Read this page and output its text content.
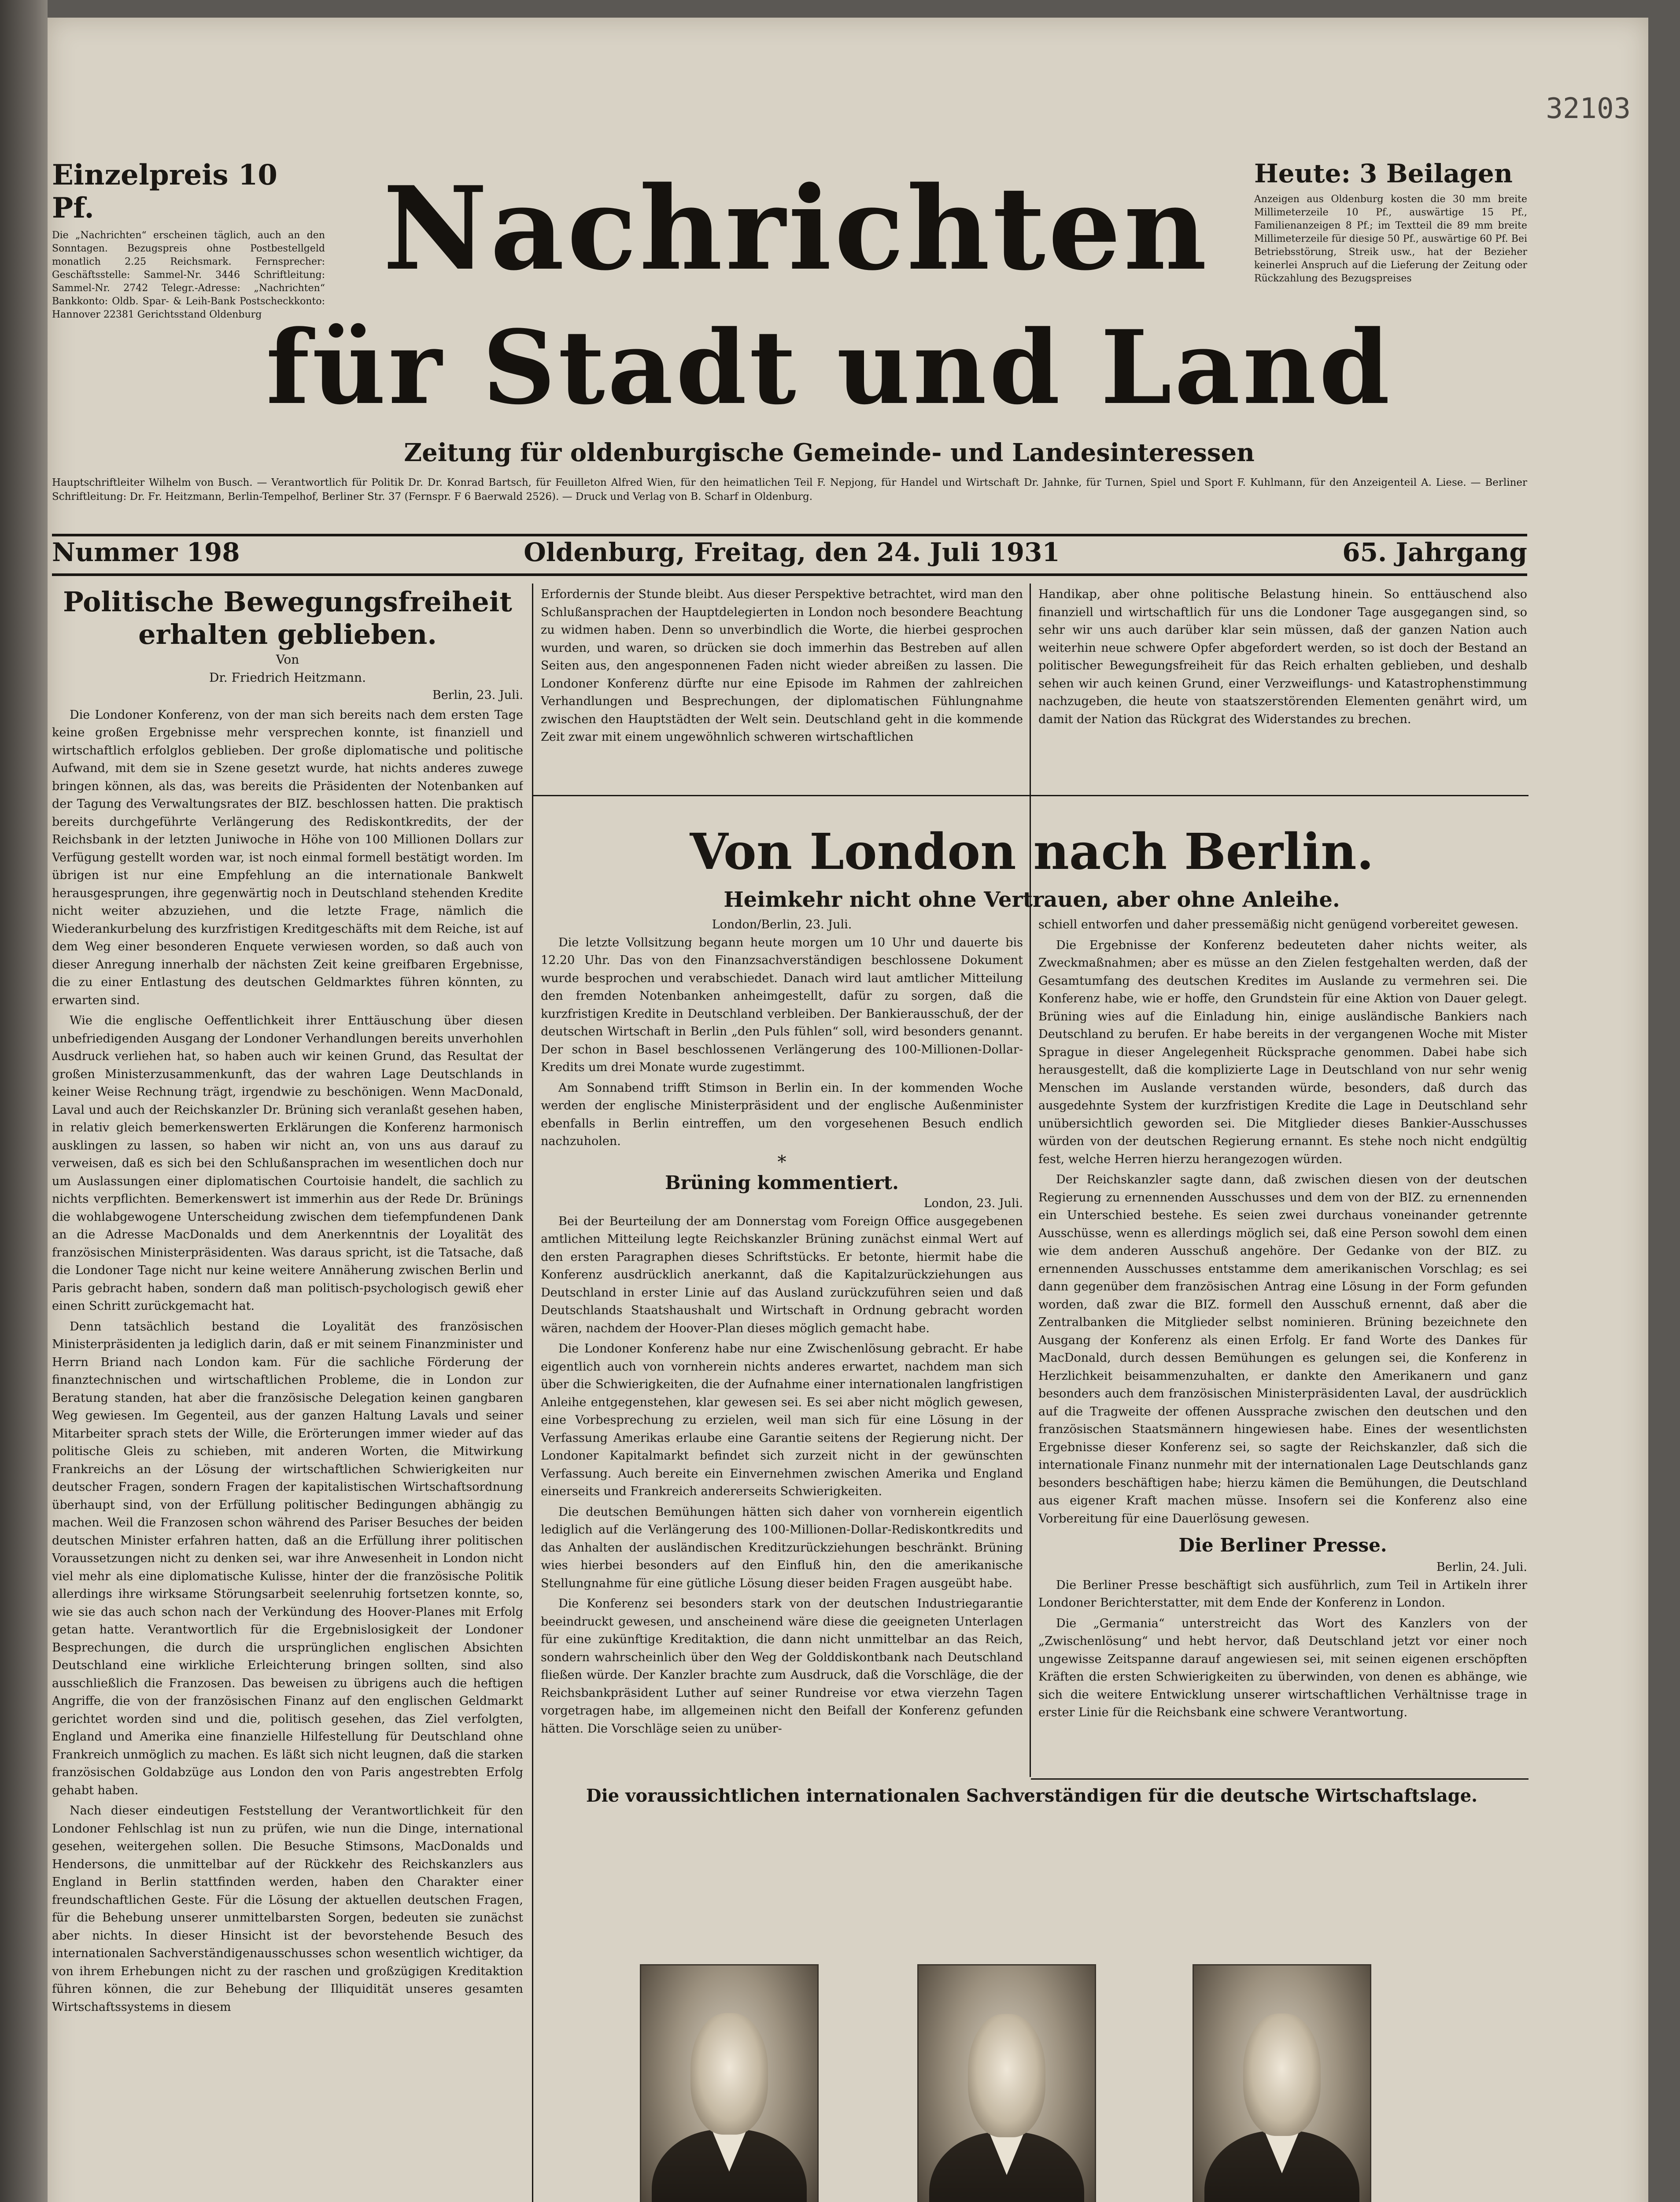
32103
Einzelpreis 10 Pf.
Die „Nachrichten“ erscheinen täglich, auch an den Sonntagen. Bezugspreis ohne Postbestellgeld monatlich 2.25 Reichsmark. Fernsprecher: Geschäftsstelle: Sammel-Nr. 3446 Schriftleitung: Sammel-Nr. 2742 Telegr.-Adresse: „Nachrichten“ Bankkonto: Oldb. Spar- & Leih-Bank Postscheckkonto: Hannover 22381 Gerichtsstand Oldenburg
Heute: 3 Beilagen
Anzeigen aus Oldenburg kosten die 30 mm breite Millimeterzeile 10 Pf., auswärtige 15 Pf., Familienanzeigen 8 Pf.; im Textteil die 89 mm breite Millimeterzeile für diesige 50 Pf., auswärtige 60 Pf. Bei Betriebsstörung, Streik usw., hat der Bezieher keinerlei Anspruch auf die Lieferung der Zeitung oder Rückzahlung des Bezugspreises
Nachrichten
für Stadt und Land
Zeitung für oldenburgische Gemeinde- und Landesinteressen
Hauptschriftleiter Wilhelm von Busch. — Verantwortlich für Politik Dr. Dr. Konrad Bartsch, für Feuilleton Alfred Wien, für den heimatlichen Teil F. Nepjong, für Handel und Wirtschaft Dr. Jahnke, für Turnen, Spiel und Sport F. Kuhlmann, für den Anzeigenteil A. Liese. — Berliner Schriftleitung: Dr. Fr. Heitzmann, Berlin-Tempelhof, Berliner Str. 37 (Fernspr. F 6 Baerwald 2526). — Druck und Verlag von B. Scharf in Oldenburg.
Nummer 198	Oldenburg, Freitag, den 24. Juli 1931	65. Jahrgang
Politische Bewegungsfreiheit erhalten geblieben.
Von
Dr. Friedrich Heitzmann.
Berlin, 23. Juli.

Die Londoner Konferenz, von der man sich bereits nach dem ersten Tage keine großen Ergebnisse mehr versprechen konnte, ist finanziell und wirtschaftlich erfolglos geblieben. Der große diplomatische und politische Aufwand, mit dem sie in Szene gesetzt wurde, hat nichts anderes zuwege bringen können, als das, was bereits die Präsidenten der Notenbanken auf der Tagung des Verwaltungsrates der BIZ. beschlossen hatten. Die praktisch bereits durchgeführte Verlängerung des Rediskontkredits, der der Reichsbank in der letzten Juniwoche in Höhe von 100 Millionen Dollars zur Verfügung gestellt worden war, ist noch einmal formell bestätigt worden. Im übrigen ist nur eine Empfehlung an die internationale Bankwelt herausgesprungen, ihre gegenwärtig noch in Deutschland stehenden Kredite nicht weiter abzuziehen, und die letzte Frage, nämlich die Wiederankurbelung des kurzfristigen Kreditgeschäfts mit dem Reiche, ist auf dem Weg einer besonderen Enquete verwiesen worden, so daß auch von dieser Anregung innerhalb der nächsten Zeit keine greifbaren Ergebnisse, die zu einer Entlastung des deutschen Geldmarktes führen könnten, zu erwarten sind.

Wie die englische Oeffentlichkeit ihrer Enttäuschung über diesen unbefriedigenden Ausgang der Londoner Verhandlungen bereits unverhohlen Ausdruck verliehen hat, so haben auch wir keinen Grund, das Resultat der großen Ministerzusammenkunft, das der wahren Lage Deutschlands in keiner Weise Rechnung trägt, irgendwie zu beschönigen. Wenn MacDonald, Laval und auch der Reichskanzler Dr. Brüning sich veranlaßt gesehen haben, in relativ gleich bemerkenswerten Erklärungen die Konferenz harmonisch ausklingen zu lassen, so haben wir nicht an, von uns aus darauf zu verweisen, daß es sich bei den Schlußansprachen im wesentlichen doch nur um Auslassungen einer diplomatischen Courtoisie handelt, die sachlich zu nichts verpflichten. Bemerkenswert ist immerhin aus der Rede Dr. Brünings die wohlabgewogene Unterscheidung zwischen dem tiefempfundenen Dank an die Adresse MacDonalds und dem Anerkenntnis der Loyalität des französischen Ministerpräsidenten. Was daraus spricht, ist die Tatsache, daß die Londoner Tage nicht nur keine weitere Annäherung zwischen Berlin und Paris gebracht haben, sondern daß man politisch-psychologisch gewiß eher einen Schritt zurückgemacht hat.

Denn tatsächlich bestand die Loyalität des französischen Ministerpräsidenten ja lediglich darin, daß er mit seinem Finanzminister und Herrn Briand nach London kam. Für die sachliche Förderung der finanztechnischen und wirtschaftlichen Probleme, die in London zur Beratung standen, hat aber die französische Delegation keinen gangbaren Weg gewiesen. Im Gegenteil, aus der ganzen Haltung Lavals und seiner Mitarbeiter sprach stets der Wille, die Erörterungen immer wieder auf das politische Gleis zu schieben, mit anderen Worten, die Mitwirkung Frankreichs an der Lösung der wirtschaftlichen Schwierigkeiten nur deutscher Fragen, sondern Fragen der kapitalistischen Wirtschaftsordnung überhaupt sind, von der Erfüllung politischer Bedingungen abhängig zu machen. Weil die Franzosen schon während des Pariser Besuches der beiden deutschen Minister erfahren hatten, daß an die Erfüllung ihrer politischen Voraussetzungen nicht zu denken sei, war ihre Anwesenheit in London nicht viel mehr als eine diplomatische Kulisse, hinter der die französische Politik allerdings ihre wirksame Störungsarbeit seelenruhig fortsetzen konnte, so, wie sie das auch schon nach der Verkündung des Hoover-Planes mit Erfolg getan hatte. Verantwortlich für die Ergebnislosigkeit der Londoner Besprechungen, die durch die ursprünglichen englischen Absichten Deutschland eine wirkliche Erleichterung bringen sollten, sind also ausschließlich die Franzosen. Das beweisen zu übrigens auch die heftigen Angriffe, die von der französischen Finanz auf den englischen Geldmarkt gerichtet worden sind und die, politisch gesehen, das Ziel verfolgten, England und Amerika eine finanzielle Hilfestellung für Deutschland ohne Frankreich unmöglich zu machen. Es läßt sich nicht leugnen, daß die starken französischen Goldabzüge aus London den von Paris angestrebten Erfolg gehabt haben.

Nach dieser eindeutigen Feststellung der Verantwortlichkeit für den Londoner Fehlschlag ist nun zu prüfen, wie nun die Dinge, international gesehen, weitergehen sollen. Die Besuche Stimsons, MacDonalds und Hendersons, die unmittelbar auf der Rückkehr des Reichskanzlers aus England in Berlin stattfinden werden, haben den Charakter einer freundschaftlichen Geste. Für die Lösung der aktuellen deutschen Fragen, für die Behebung unserer unmittelbarsten Sorgen, bedeuten sie zunächst aber nichts. In dieser Hinsicht ist der bevorstehende Besuch des internationalen Sachverständigenausschusses schon wesentlich wichtiger, da von ihrem Erhebungen nicht zu der raschen und großzügigen Kreditaktion führen können, die zur Behebung der Illiquidität unseres gesamten Wirtschaftssystems in diesem

Erfordernis der Stunde bleibt. Aus dieser Perspektive betrachtet, wird man den Schlußansprachen der Hauptdelegierten in London noch besondere Beachtung zu widmen haben. Denn so unverbindlich die Worte, die hierbei gesprochen wurden, und waren, so drücken sie doch immerhin das Bestreben auf allen Seiten aus, den angesponnenen Faden nicht wieder abreißen zu lassen. Die Londoner Konferenz dürfte nur eine Episode im Rahmen der zahlreichen Verhandlungen und Besprechungen, der diplomatischen Fühlungnahme zwischen den Hauptstädten der Welt sein. Deutschland geht in die kommende Zeit zwar mit einem ungewöhnlich schweren wirtschaftlichen

Handikap, aber ohne politische Belastung hinein. So enttäuschend also finanziell und wirtschaftlich für uns die Londoner Tage ausgegangen sind, so sehr wir uns auch darüber klar sein müssen, daß der ganzen Nation auch weiterhin neue schwere Opfer abgefordert werden, so ist doch der Bestand an politischer Bewegungsfreiheit für das Reich erhalten geblieben, und deshalb sehen wir auch keinen Grund, einer Verzweiflungs- und Katastrophenstimmung nachzugeben, die heute von staatszerstörenden Elementen genährt wird, um damit der Nation das Rückgrat des Widerstandes zu brechen.

Von London nach Berlin.
Heimkehr nicht ohne Vertrauen, aber ohne Anleihe.
London/Berlin, 23. Juli.

Die letzte Vollsitzung begann heute morgen um 10 Uhr und dauerte bis 12.20 Uhr. Das von den Finanzsachverständigen beschlossene Dokument wurde besprochen und verabschiedet. Danach wird laut amtlicher Mitteilung den fremden Notenbanken anheimgestellt, dafür zu sorgen, daß die kurzfristigen Kredite in Deutschland verbleiben. Der Bankierausschuß, der der deutschen Wirtschaft in Berlin „den Puls fühlen“ soll, wird besonders genannt. Der schon in Basel beschlossenen Verlängerung des 100-Millionen-Dollar-Kredits um drei Monate wurde zugestimmt.

Am Sonnabend trifft Stimson in Berlin ein. In der kommenden Woche werden der englische Ministerpräsident und der englische Außenminister ebenfalls in Berlin eintreffen, um den vorgesehenen Besuch endlich nachzuholen.

*
Brüning kommentiert.
London, 23. Juli.

Bei der Beurteilung der am Donnerstag vom Foreign Office ausgegebenen amtlichen Mitteilung legte Reichskanzler Brüning zunächst einmal Wert auf den ersten Paragraphen dieses Schriftstücks. Er betonte, hiermit habe die Konferenz ausdrücklich anerkannt, daß die Kapitalzurückziehungen aus Deutschland in erster Linie auf das Ausland zurückzuführen seien und daß Deutschlands Staatshaushalt und Wirtschaft in Ordnung gebracht worden wären, nachdem der Hoover-Plan dieses möglich gemacht habe.

Die Londoner Konferenz habe nur eine Zwischenlösung gebracht. Er habe eigentlich auch von vornherein nichts anderes erwartet, nachdem man sich über die Schwierigkeiten, die der Aufnahme einer internationalen langfristigen Anleihe entgegenstehen, klar gewesen sei. Es sei aber nicht möglich gewesen, eine Vorbesprechung zu erzielen, weil man sich für eine Lösung in der Verfassung Amerikas erlaube eine Garantie seitens der Regierung nicht. Der Londoner Kapitalmarkt befindet sich zurzeit nicht in der gewünschten Verfassung. Auch bereite ein Einvernehmen zwischen Amerika und England einerseits und Frankreich andererseits Schwierigkeiten.

Die deutschen Bemühungen hätten sich daher von vornherein eigentlich lediglich auf die Verlängerung des 100-Millionen-Dollar-Rediskontkredits und das Anhalten der ausländischen Kreditzurückziehungen beschränkt. Brüning wies hierbei besonders auf den Einfluß hin, den die amerikanische Stellungnahme für eine gütliche Lösung dieser beiden Fragen ausgeübt habe.

Die Konferenz sei besonders stark von der deutschen Industriegarantie beeindruckt gewesen, und anscheinend wäre diese die geeigneten Unterlagen für eine zukünftige Kreditaktion, die dann nicht unmittelbar an das Reich, sondern wahrscheinlich über den Weg der Golddiskontbank nach Deutschland fließen würde. Der Kanzler brachte zum Ausdruck, daß die Vorschläge, die der Reichsbankpräsident Luther auf seiner Rundreise vor etwa vierzehn Tagen vorgetragen habe, im allgemeinen nicht den Beifall der Konferenz gefunden hätten. Die Vorschläge seien zu unüber-

schiell entworfen und daher pressemäßig nicht genügend vorbereitet gewesen.

Die Ergebnisse der Konferenz bedeuteten daher nichts weiter, als Zweckmaßnahmen; aber es müsse an den Zielen festgehalten werden, daß der Gesamtumfang des deutschen Kredites im Auslande zu vermehren sei. Die Konferenz habe, wie er hoffe, den Grundstein für eine Aktion von Dauer gelegt. Brüning wies auf die Einladung hin, einige ausländische Bankiers nach Deutschland zu berufen. Er habe bereits in der vergangenen Woche mit Mister Sprague in dieser Angelegenheit Rücksprache genommen. Dabei habe sich herausgestellt, daß die komplizierte Lage in Deutschland von nur sehr wenig Menschen im Auslande verstanden würde, besonders, daß durch das ausgedehnte System der kurzfristigen Kredite die Lage in Deutschland sehr unübersichtlich geworden sei. Die Mitglieder dieses Bankier-Ausschusses würden von der deutschen Regierung ernannt. Es stehe noch nicht endgültig fest, welche Herren hierzu herangezogen würden.

Der Reichskanzler sagte dann, daß zwischen diesen von der deutschen Regierung zu ernennenden Ausschusses und dem von der BIZ. zu ernennenden ein Unterschied bestehe. Es seien zwei durchaus voneinander getrennte Ausschüsse, wenn es allerdings möglich sei, daß eine Person sowohl dem einen wie dem anderen Ausschuß angehöre. Der Gedanke von der BIZ. zu ernennenden Ausschusses entstamme dem amerikanischen Vorschlag; es sei dann gegenüber dem französischen Antrag eine Lösung in der Form gefunden worden, daß zwar die BIZ. formell den Ausschuß ernennt, daß aber die Zentralbanken die Mitglieder selbst nominieren. Brüning bezeichnete den Ausgang der Konferenz als einen Erfolg. Er fand Worte des Dankes für MacDonald, durch dessen Bemühungen es gelungen sei, die Konferenz in Herzlichkeit beisammenzuhalten, er dankte den Amerikanern und ganz besonders auch dem französischen Ministerpräsidenten Laval, der ausdrücklich auf die Tragweite der offenen Aussprache zwischen den deutschen und den französischen Staatsmännern hingewiesen habe. Eines der wesentlichsten Ergebnisse dieser Konferenz sei, so sagte der Reichskanzler, daß sich die internationale Finanz nunmehr mit der internationalen Lage Deutschlands ganz besonders beschäftigen habe; hierzu kämen die Bemühungen, die Deutschland aus eigener Kraft machen müsse. Insofern sei die Konferenz also eine Vorbereitung für eine Dauerlösung gewesen.

Die Berliner Presse.
Berlin, 24. Juli.

Die Berliner Presse beschäftigt sich ausführlich, zum Teil in Artikeln ihrer Londoner Berichterstatter, mit dem Ende der Konferenz in London.

Die „Germania“ unterstreicht das Wort des Kanzlers von der „Zwischenlösung“ und hebt hervor, daß Deutschland jetzt vor einer noch ungewisse Zeitspanne darauf angewiesen sei, mit seinen eigenen erschöpften Kräften die ersten Schwierigkeiten zu überwinden, von denen es abhänge, wie sich die weitere Entwicklung unserer wirtschaftlichen Verhältnisse trage in erster Linie für die Reichsbank eine schwere Verantwortung.

Die voraussichtlichen internationalen Sachverständigen für die deutsche Wirtschaftslage.
